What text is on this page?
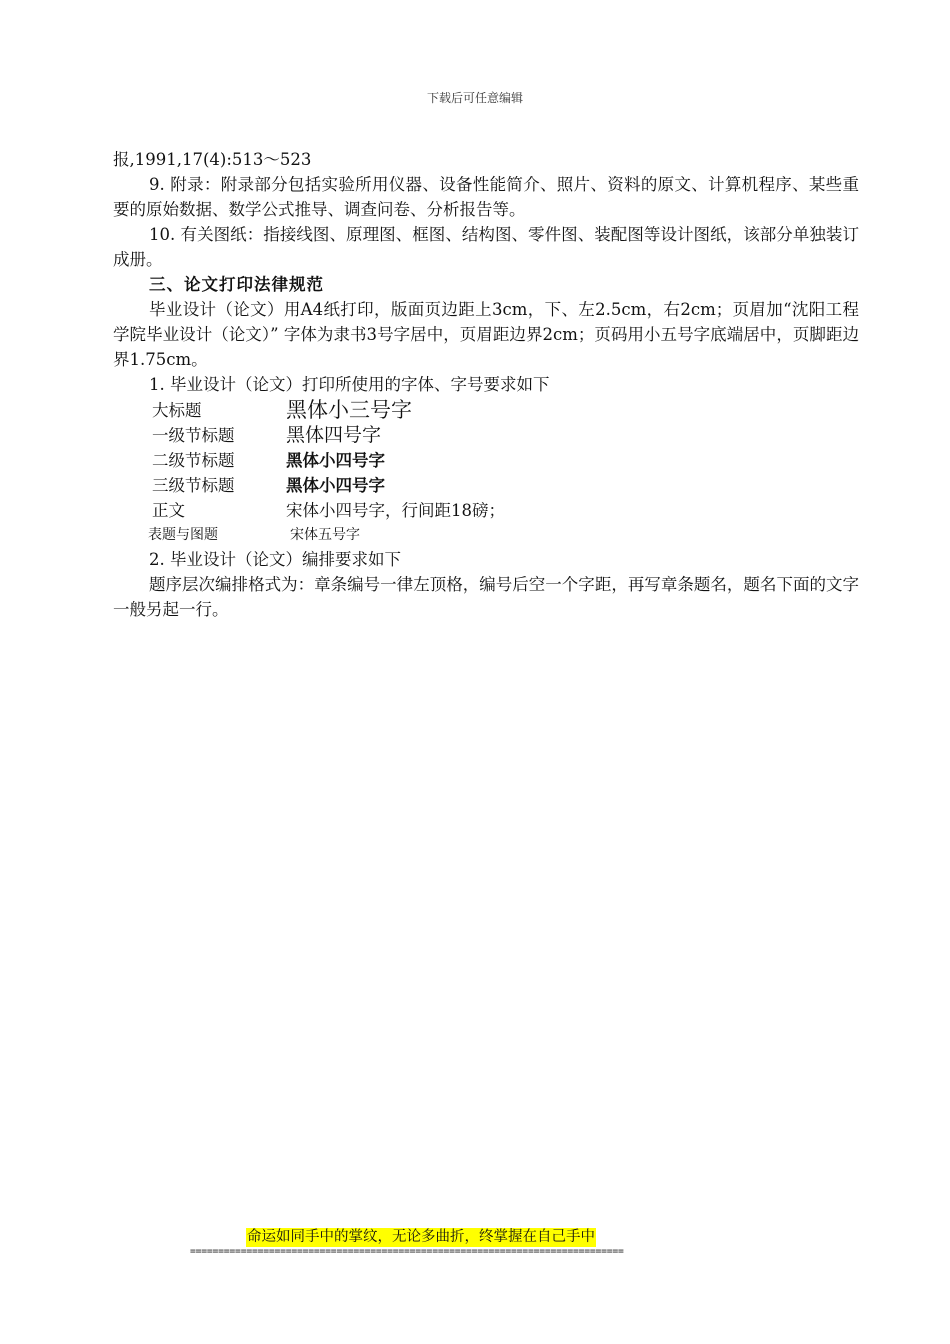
下载后可任意编辑

报,1991,17(4):513～523

9. 附录：附录部分包括实验所用仪器、设备性能简介、照片、资料的原文、计算机程序、某些重要的原始数据、数学公式推导、调查问卷、分析报告等。

10. 有关图纸：指接线图、原理图、框图、结构图、零件图、装配图等设计图纸，该部分单独装订成册。

三、论文打印法律规范

毕业设计（论文）用A4纸打印，版面页边距上3cm，下、左2.5cm，右2cm；页眉加“沈阳工程学院毕业设计（论文）” 字体为隶书3号字居中，页眉距边界2cm；页码用小五号字底端居中，页脚距边界1.75cm。

1. 毕业设计（论文）打印所使用的字体、字号要求如下

大标题	黑体小三号字
一级节标题	黑体四号字
二级节标题	黑体小四号字
三级节标题	黑体小四号字
正文	宋体小四号字，行间距18磅；
表题与图题	宋体五号字

2. 毕业设计（论文）编排要求如下

题序层次编排格式为：章条编号一律左顶格，编号后空一个字距，再写章条题名，题名下面的文字一般另起一行。

命运如同手中的掌纹，无论多曲折，终掌握在自己手中
=============================================================================
